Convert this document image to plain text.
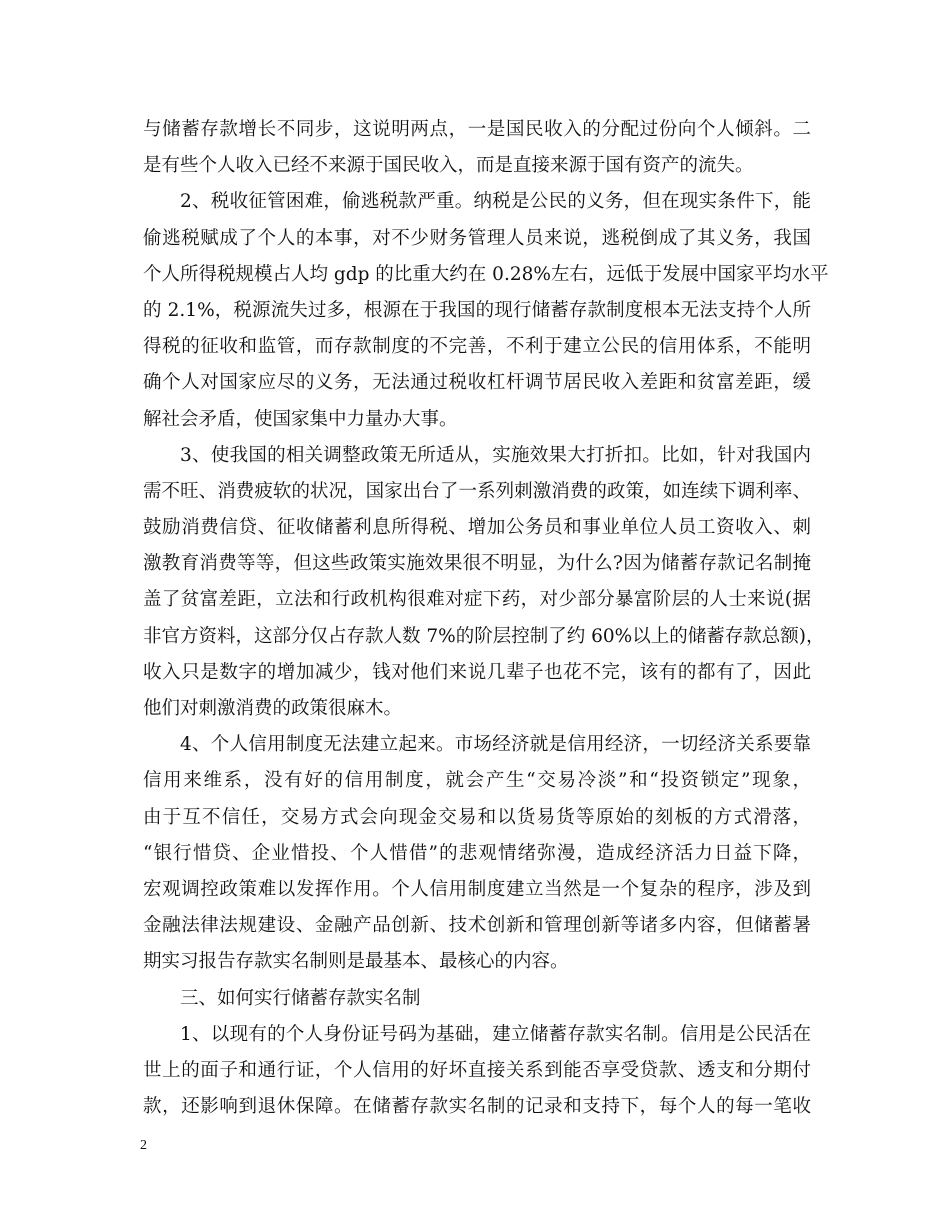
与储蓄存款增长不同步，这说明两点，一是国民收入的分配过份向个人倾斜。二
是有些个人收入已经不来源于国民收入，而是直接来源于国有资产的流失。
2、税收征管困难，偷逃税款严重。纳税是公民的义务，但在现实条件下，能
偷逃税赋成了个人的本事，对不少财务管理人员来说，逃税倒成了其义务，我国
个人所得税规模占人均 gdp 的比重大约在 0.28%左右，远低于发展中国家平均水平
的 2.1%，税源流失过多，根源在于我国的现行储蓄存款制度根本无法支持个人所
得税的征收和监管，而存款制度的不完善，不利于建立公民的信用体系，不能明
确个人对国家应尽的义务，无法通过税收杠杆调节居民收入差距和贫富差距，缓
解社会矛盾，使国家集中力量办大事。
3、使我国的相关调整政策无所适从，实施效果大打折扣。比如，针对我国内
需不旺、消费疲软的状况，国家出台了一系列刺激消费的政策，如连续下调利率、
鼓励消费信贷、征收储蓄利息所得税、增加公务员和事业单位人员工资收入、刺
激教育消费等等，但这些政策实施效果很不明显，为什么?因为储蓄存款记名制掩
盖了贫富差距，立法和行政机构很难对症下药，对少部分暴富阶层的人士来说(据
非官方资料，这部分仅占存款人数 7%的阶层控制了约 60%以上的储蓄存款总额)，
收入只是数字的增加减少，钱对他们来说几辈子也花不完，该有的都有了，因此
他们对刺激消费的政策很麻木。
4、个人信用制度无法建立起来。市场经济就是信用经济，一切经济关系要靠
信用来维系，没有好的信用制度，就会产生“交易冷淡”和“投资锁定”现象，
由于互不信任，交易方式会向现金交易和以货易货等原始的刻板的方式滑落，
“银行惜贷、企业惜投、个人惜借”的悲观情绪弥漫，造成经济活力日益下降，
宏观调控政策难以发挥作用。个人信用制度建立当然是一个复杂的程序，涉及到
金融法律法规建设、金融产品创新、技术创新和管理创新等诸多内容，但储蓄暑
期实习报告存款实名制则是最基本、最核心的内容。
三、如何实行储蓄存款实名制
1、以现有的个人身份证号码为基础，建立储蓄存款实名制。信用是公民活在
世上的面子和通行证，个人信用的好坏直接关系到能否享受贷款、透支和分期付
款，还影响到退休保障。在储蓄存款实名制的记录和支持下，每个人的每一笔收
2
